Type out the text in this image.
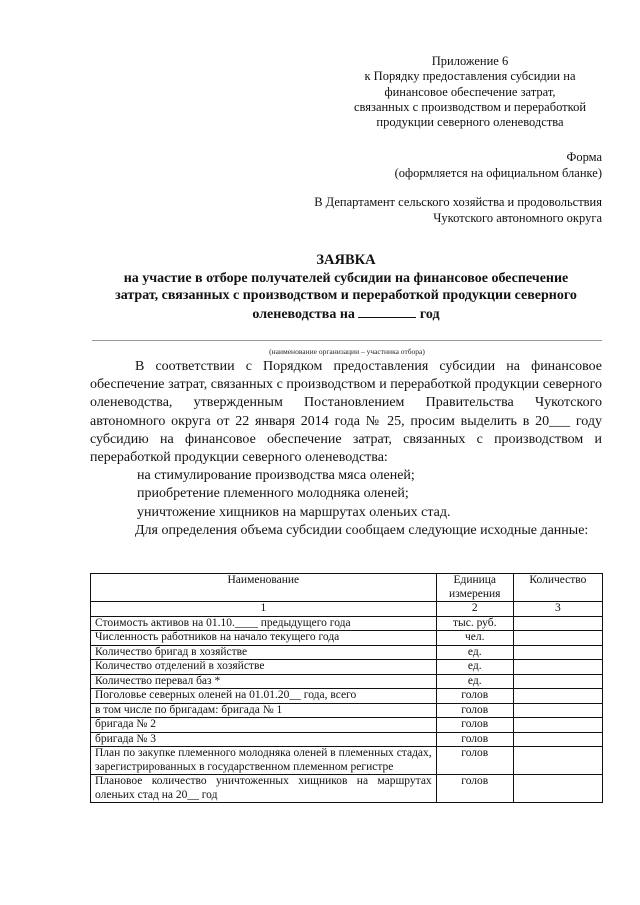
Приложение 6
к Порядку предоставления субсидии на
финансовое обеспечение затрат,
связанных с производством и переработкой
продукции северного оленеводства
Форма
(оформляется на официальном бланке)
В Департамент сельского хозяйства и продовольствия
Чукотского автономного округа
ЗАЯВКА
на участие в отборе получателей субсидии на финансовое обеспечение
затрат, связанных с производством и переработкой продукции северного
оленеводства на	год
(наименование организации – участника отбора)

В соответствии с Порядком предоставления субсидии на финансовое обеспечение затрат, связанных с производством и переработкой продукции северного оленеводства, утвержденным Постановлением Правительства Чукотского автономного округа от 22 января 2014 года № 25, просим выделить в 20___ году субсидию на финансовое обеспечение затрат, связанных с производством и переработкой продукции северного оленеводства:

на стимулирование производства мяса оленей;

приобретение племенного молодняка оленей;

уничтожение хищников на маршрутах оленьих стад.

Для определения объема субсидии сообщаем следующие исходные данные:

Наименование	Единица измерения	Количество
1	2	3
Стоимость активов на 01.10.____ предыдущего года	тыс. руб.	
Численность работников на начало текущего года	чел.	
Количество бригад в хозяйстве	ед.	
Количество отделений в хозяйстве	ед.	
Количество перевал баз *	ед.	
Поголовье северных оленей на 01.01.20__ года, всего	голов	
в том числе по бригадам: бригада № 1	голов	
бригада № 2	голов	
бригада № 3	голов	
План по закупке племенного молодняка оленей в племенных стадах, зарегистрированных в государственном племенном регистре	голов	
Плановое количество уничтоженных хищников на маршрутах оленьих стад на 20__ год	голов	
